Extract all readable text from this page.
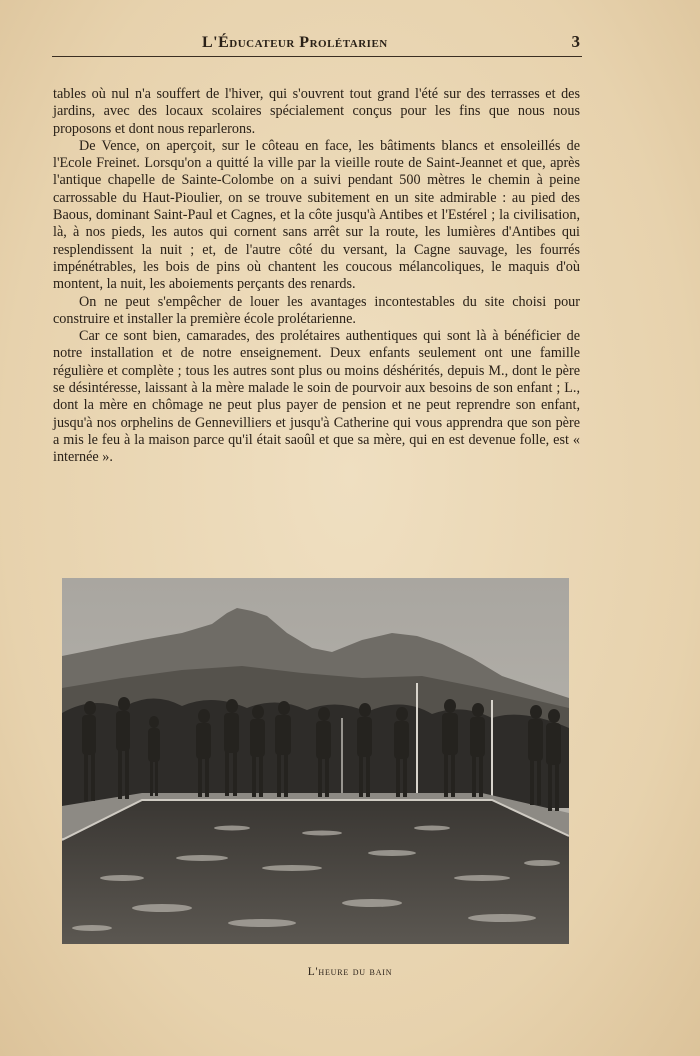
L'Éducateur Prolétarien	3

tables où nul n'a souffert de l'hiver, qui s'ouvrent tout grand l'été sur des terrasses et des jardins, avec des locaux scolaires spécialement conçus pour les fins que nous nous proposons et dont nous reparlerons.

De Vence, on aperçoit, sur le côteau en face, les bâtiments blancs et ensoleillés de l'Ecole Freinet. Lorsqu'on a quitté la ville par la vieille route de Saint-Jeannet et que, après l'antique chapelle de Sainte-Colombe on a suivi pendant 500 mètres le chemin à peine carrossable du Haut-Pioulier, on se trouve subitement en un site admirable : au pied des Baous, dominant Saint-Paul et Cagnes, et la côte jusqu'à Antibes et l'Estérel ; la civilisation, là, à nos pieds, les autos qui cornent sans arrêt sur la route, les lumières d'Antibes qui resplendissent la nuit ; et, de l'autre côté du versant, la Cagne sauvage, les fourrés impénétrables, les bois de pins où chantent les coucous mélancoliques, le maquis d'où montent, la nuit, les aboiements perçants des renards.

On ne peut s'empêcher de louer les avantages incontestables du site choisi pour construire et installer la première école prolétarienne.

Car ce sont bien, camarades, des prolétaires authentiques qui sont là à bénéficier de notre installation et de notre enseignement. Deux enfants seulement ont une famille régulière et complète ; tous les autres sont plus ou moins déshérités, depuis M., dont le père se désintéresse, laissant à la mère malade le soin de pourvoir aux besoins de son enfant ; L., dont la mère en chômage ne peut plus payer de pension et ne peut reprendre son enfant, jusqu'à nos orphelins de Gennevilliers et jusqu'à Catherine qui vous apprendra que son père a mis le feu à la maison parce qu'il était saoûl et que sa mère, qui en est devenue folle, est « internée ».

L'heure du bain
